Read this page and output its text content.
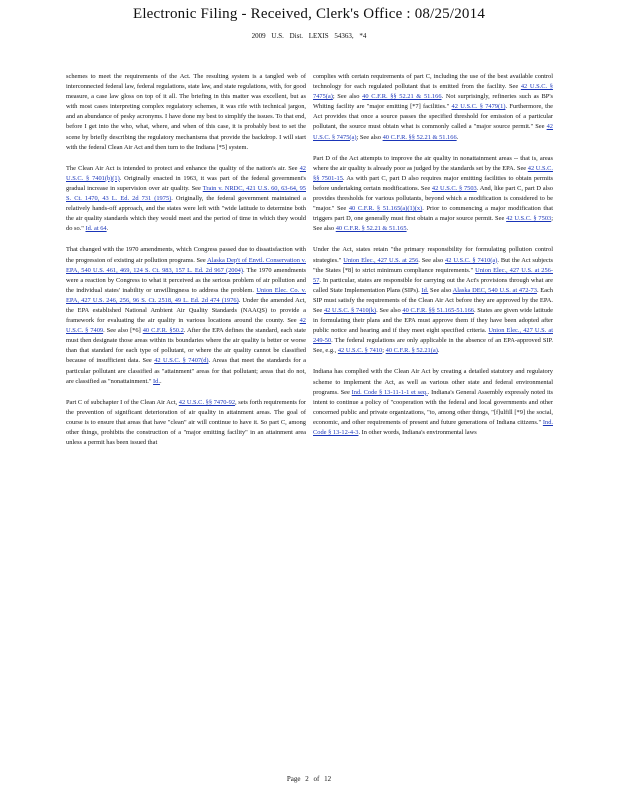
Electronic Filing - Received, Clerk's Office : 08/25/2014
2009 U.S. Dist. LEXIS 54363, *4

schemes to meet the requirements of the Act. The resulting system is a tangled web of interconnected federal law, federal regulations, state law, and state regulations, with, for good measure, a case law gloss on top of it all. The briefing in this matter was excellent, but as with most cases interpreting complex regulatory schemes, it was rife with technical jargon, and an abundance of pesky acronyms. I have done my best to simplify the issues. To that end, before I get into the who, what, where, and when of this case, it is probably best to set the scene by briefly describing the regulatory mechanisms that provide the backdrop. I will start with the federal Clean Air Act and then turn to the Indiana [*5] system.

The Clean Air Act is intended to protect and enhance the quality of the nation's air. See 42 U.S.C. § 7401(b)(1). Originally enacted in 1963, it was part of the federal government's gradual increase in supervision over air quality. See Train v. NRDC, 421 U.S. 60, 63-64, 95 S. Ct. 1470, 43 L. Ed. 2d 731 (1975). Originally, the federal government maintained a relatively hands-off approach, and the states were left with "wide latitude to determine both the air quality standards which they would meet and the period of time in which they would do so." Id. at 64.

That changed with the 1970 amendments, which Congress passed due to dissatisfaction with the progression of existing air pollution programs. See Alaska Dep't of Envtl. Conservation v. EPA, 540 U.S. 461, 469, 124 S. Ct. 983, 157 L. Ed. 2d 967 (2004). The 1970 amendments were a reaction by Congress to what it perceived as the serious problem of air pollution and the individual states' inability or unwillingness to address the problem. Union Elec. Co. v. EPA, 427 U.S. 246, 256, 96 S. Ct. 2518, 49 L. Ed. 2d 474 (1976). Under the amended Act, the EPA established National Ambient Air Quality Standards (NAAQS) to provide a framework for evaluating the air quality in various locations around the county. See 42 U.S.C. § 7409. See also [*6] 40 C.F.R. §50.2. After the EPA defines the standard, each state must then designate those areas within its boundaries where the air quality is better or worse than that standard for each type of pollutant, or where the air quality cannot be classified because of insufficient data. See 42 U.S.C. § 7407(d). Areas that meet the standards for a particular pollutant are classified as "attainment" areas for that pollutant; areas that do not, are classified as "nonattainment." Id..

Part C of subchapter I of the Clean Air Act, 42 U.S.C. §§ 7470-92, sets forth requirements for the prevention of significant deterioration of air quality in attainment areas. The goal of course is to ensure that areas that have "clean" air will continue to have it. So part C, among other things, prohibits the construction of a "major emitting facility" in an attainment area unless a permit has been issued that

complies with certain requirements of part C, including the use of the best available control technology for each regulated pollutant that is emitted from the facility. See 42 U.S.C. § 7475(a); See also 40 C.F.R. §§ 52.21 & 51.166. Not surprisingly, refineries such as BP's Whiting facility are "major emitting [*7] facilities." 42 U.S.C. § 7479(1). Furthermore, the Act provides that once a source passes the specified threshold for emission of a particular pollutant, the source must obtain what is commonly called a "major source permit." See 42 U.S.C. § 7475(a); See also 40 C.F.R. §§ 52.21 & 51.166.

Part D of the Act attempts to improve the air quality in nonattainment areas -- that is, areas where the air quality is already poor as judged by the standards set by the EPA. See 42 U.S.C. §§ 7501-15. As with part C, part D also requires major emitting facilities to obtain permits before undertaking certain modifications. See 42 U.S.C. § 7503. And, like part C, part D also provides thresholds for various pollutants, beyond which a modification is considered to be "major." See 40 C.F.R. § 51.165(a)(1)(x). Prior to commencing a major modification that triggers part D, one generally must first obtain a major source permit. See 42 U.S.C. § 7503; See also 40 C.F.R. § 52.21 & 51.165.

Under the Act, states retain "the primary responsibility for formulating pollution control strategies." Union Elec., 427 U.S. at 256. See also 42 U.S.C. § 7410(a). But the Act subjects "the States [*8] to strict minimum compliance requirements." Union Elec., 427 U.S. at 256-57. In particular, states are responsible for carrying out the Act's provisions through what are called State Implementation Plans (SIPs). Id. See also Alaska DEC, 540 U.S. at 472-73. Each SIP must satisfy the requirements of the Clean Air Act before they are approved by the EPA. See 42 U.S.C. § 7410(k). See also 40 C.F.R. §§ 51.165-51.166. States are given wide latitude in formulating their plans and the EPA must approve them if they have been adopted after public notice and hearing and if they meet eight specified criteria. Union Elec., 427 U.S. at 249-50. The federal regulations are only applicable in the absence of an EPA-approved SIP. See, e.g., 42 U.S.C. § 7410; 40 C.F.R. § 52.21(a).

Indiana has complied with the Clean Air Act by creating a detailed statutory and regulatory scheme to implement the Act, as well as various other state and federal environmental programs. See Ind. Code § 13-11-1-1 et seq.. Indiana's General Assembly expressly noted its intent to continue a policy of "cooperation with the federal and local governments and other concerned public and private organizations, "to, among other things, "[f]ulfill [*9] the social, economic, and other requirements of present and future generations of Indiana citizens." Ind. Code § 13-12-4-3. In other words, Indiana's environmental laws

Page 2 of 12
